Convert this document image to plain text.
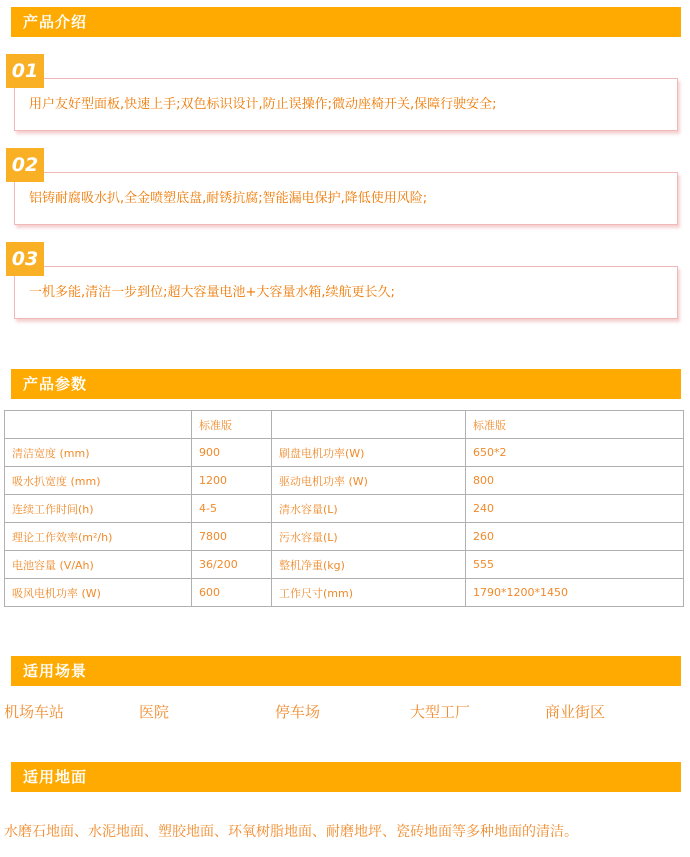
产品介绍
用户友好型面板,快速上手;双色标识设计,防止误操作;微动座椅开关,保障行驶安全;
01
铝铸耐腐吸水扒,全金喷塑底盘,耐锈抗腐;智能漏电保护,降低使用风险;
02
一机多能,清洁一步到位;超大容量电池+大容量水箱,续航更长久;
03
产品参数
	标准版		标准版
清洁宽度 (mm)	900	刷盘电机功率(W)	650*2
吸水扒宽度 (mm)	1200	驱动电机功率 (W)	800
连续工作时间(h)	4-5	清水容量(L)	240
理论工作效率(m²/h)	7800	污水容量(L)	260
电池容量 (V/Ah)	36/200	整机净重(kg)	555
吸风电机功率 (W)	600	工作尺寸(mm)	1790*1200*1450
适用场景
机场车站	医院	停车场	大型工厂	商业街区
适用地面
水磨石地面、水泥地面、塑胶地面、环氧树脂地面、耐磨地坪、瓷砖地面等多种地面的清洁。
